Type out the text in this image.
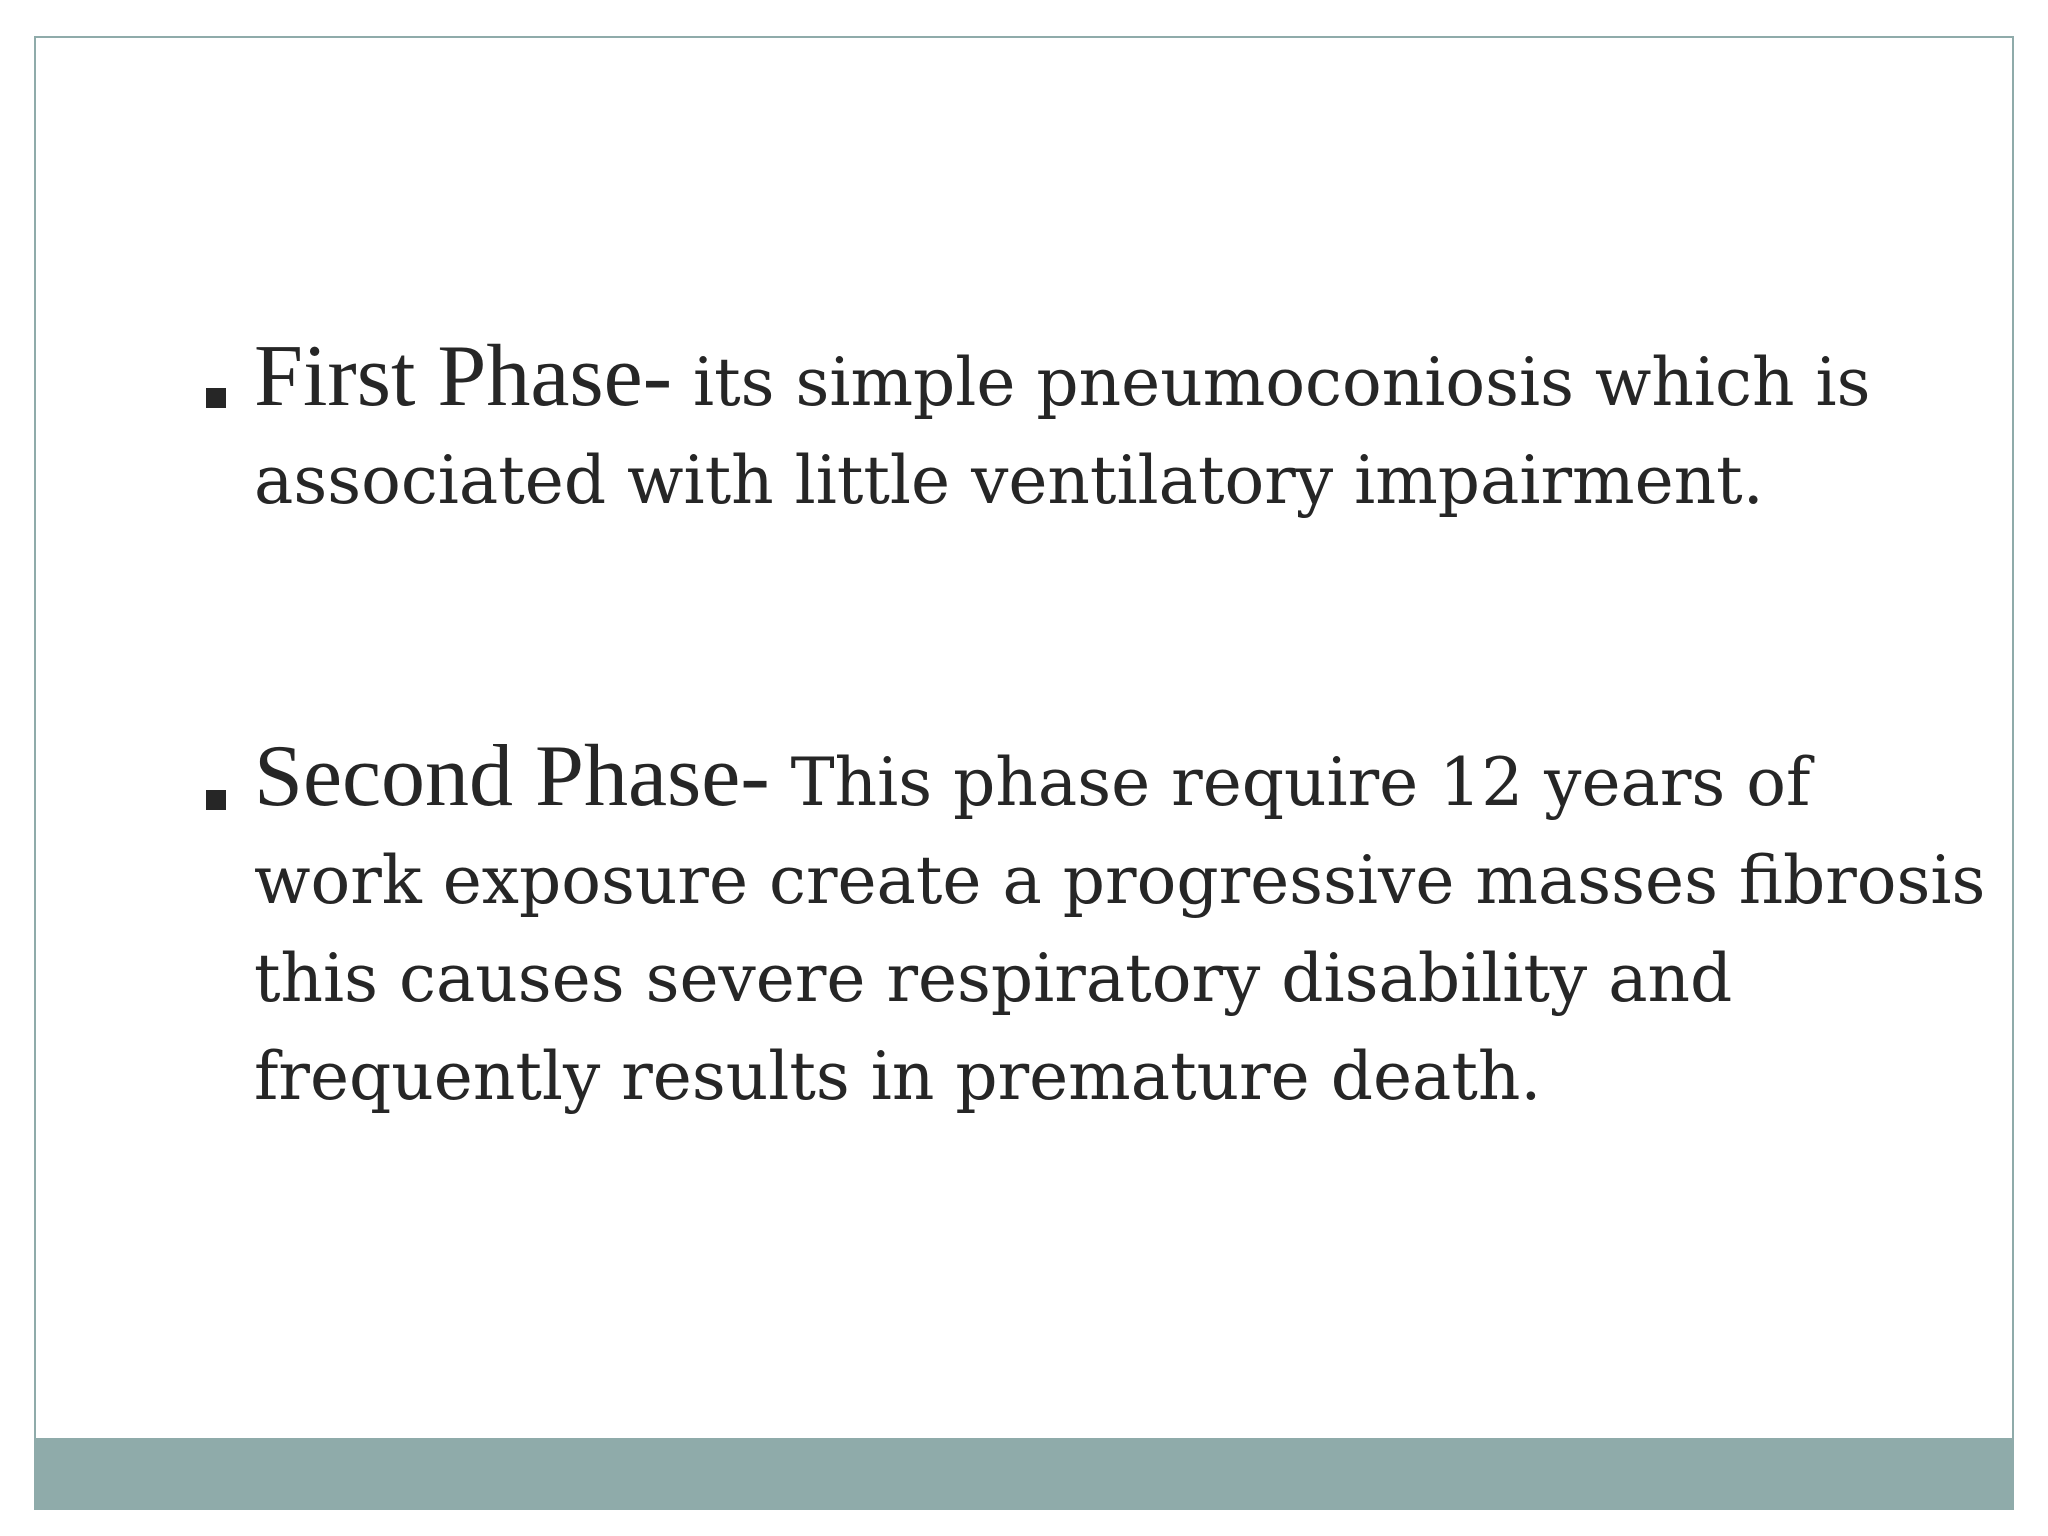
First Phase- its simple pneumoconiosis which is associated with little ventilatory impairment.

Second Phase- This phase require 12 years of work exposure create a progressive masses fibrosis this causes severe respiratory disability and frequently results in premature death.
